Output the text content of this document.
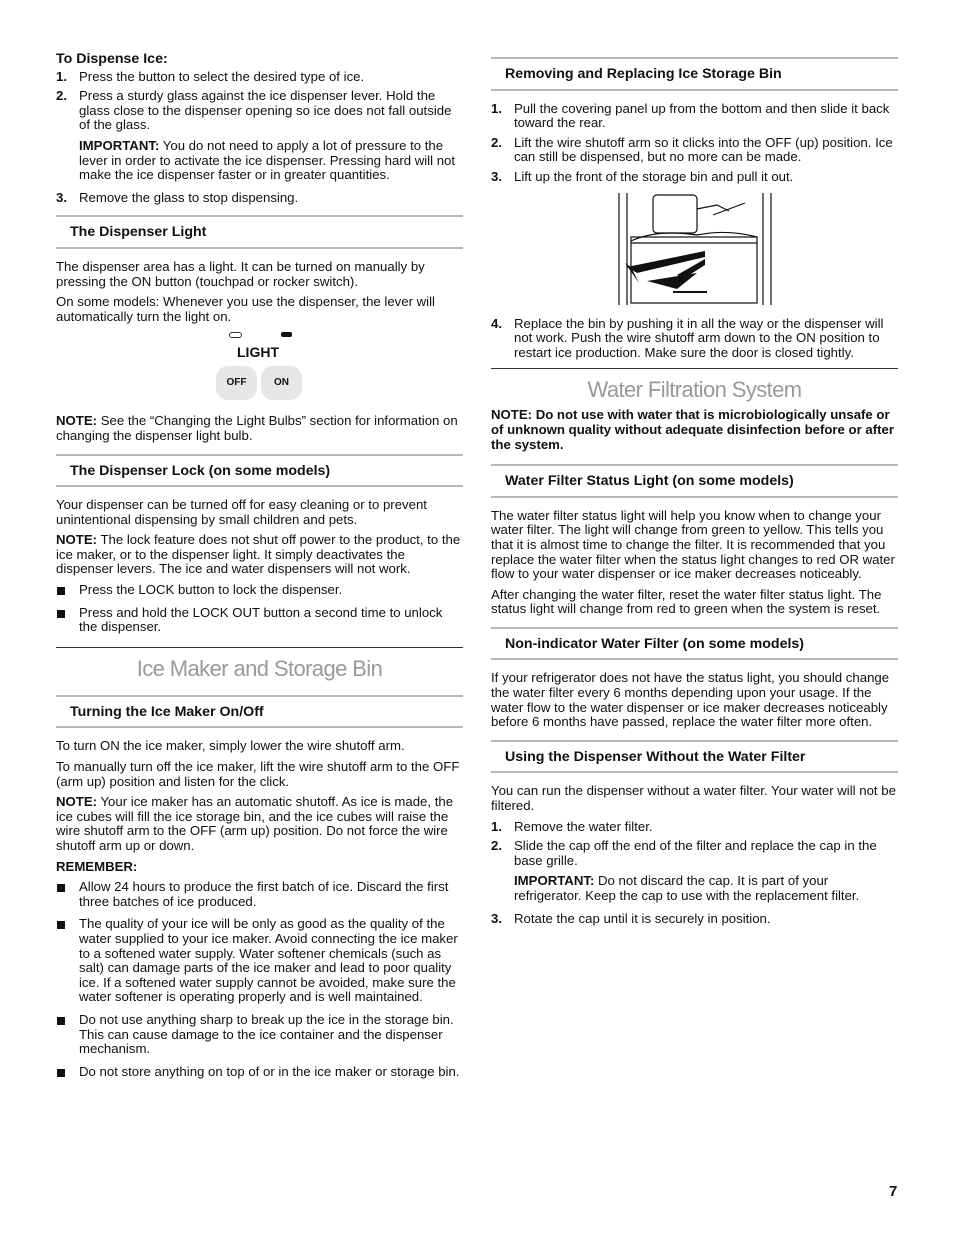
To Dispense Ice:
1. Press the button to select the desired type of ice.
2. Press a sturdy glass against the ice dispenser lever. Hold the glass close to the dispenser opening so ice does not fall outside of the glass.
IMPORTANT: You do not need to apply a lot of pressure to the lever in order to activate the ice dispenser. Pressing hard will not make the ice dispenser faster or in greater quantities.
3. Remove the glass to stop dispensing.
The Dispenser Light

The dispenser area has a light. It can be turned on manually by pressing the ON button (touchpad or rocker switch).

On some models: Whenever you use the dispenser, the lever will automatically turn the light on.

LIGHT
OFF	ON

NOTE: See the “Changing the Light Bulbs” section for information on changing the dispenser light bulb.

The Dispenser Lock (on some models)

Your dispenser can be turned off for easy cleaning or to prevent unintentional dispensing by small children and pets.

NOTE: The lock feature does not shut off power to the product, to the ice maker, or to the dispenser light. It simply deactivates the dispenser levers. The ice and water dispensers will not work.

Press the LOCK button to lock the dispenser.
Press and hold the LOCK OUT button a second time to unlock the dispenser.
Ice Maker and Storage Bin
Turning the Ice Maker On/Off

To turn ON the ice maker, simply lower the wire shutoff arm.

To manually turn off the ice maker, lift the wire shutoff arm to the OFF (arm up) position and listen for the click.

NOTE: Your ice maker has an automatic shutoff. As ice is made, the ice cubes will fill the ice storage bin, and the ice cubes will raise the wire shutoff arm to the OFF (arm up) position. Do not force the wire shutoff arm up or down.

REMEMBER:

Allow 24 hours to produce the first batch of ice. Discard the first three batches of ice produced.
The quality of your ice will be only as good as the quality of the water supplied to your ice maker. Avoid connecting the ice maker to a softened water supply. Water softener chemicals (such as salt) can damage parts of the ice maker and lead to poor quality ice. If a softened water supply cannot be avoided, make sure the water softener is operating properly and is well maintained.
Do not use anything sharp to break up the ice in the storage bin. This can cause damage to the ice container and the dispenser mechanism.
Do not store anything on top of or in the ice maker or storage bin.
Removing and Replacing Ice Storage Bin
1. Pull the covering panel up from the bottom and then slide it back toward the rear.
2. Lift the wire shutoff arm so it clicks into the OFF (up) position. Ice can still be dispensed, but no more can be made.
3. Lift up the front of the storage bin and pull it out.
4. Replace the bin by pushing it in all the way or the dispenser will not work. Push the wire shutoff arm down to the ON position to restart ice production. Make sure the door is closed tightly.
Water Filtration System

NOTE: Do not use with water that is microbiologically unsafe or of unknown quality without adequate disinfection before or after the system.

Water Filter Status Light (on some models)

The water filter status light will help you know when to change your water filter. The light will change from green to yellow. This tells you that it is almost time to change the filter. It is recommended that you replace the water filter when the status light changes to red OR water flow to your water dispenser or ice maker decreases noticeably.

After changing the water filter, reset the water filter status light. The status light will change from red to green when the system is reset.

Non-indicator Water Filter (on some models)

If your refrigerator does not have the status light, you should change the water filter every 6 months depending upon your usage. If the water flow to the water dispenser or ice maker decreases noticeably before 6 months have passed, replace the water filter more often.

Using the Dispenser Without the Water Filter

You can run the dispenser without a water filter. Your water will not be filtered.

1. Remove the water filter.
2. Slide the cap off the end of the filter and replace the cap in the base grille.
IMPORTANT: Do not discard the cap. It is part of your refrigerator. Keep the cap to use with the replacement filter.
3. Rotate the cap until it is securely in position.
7
